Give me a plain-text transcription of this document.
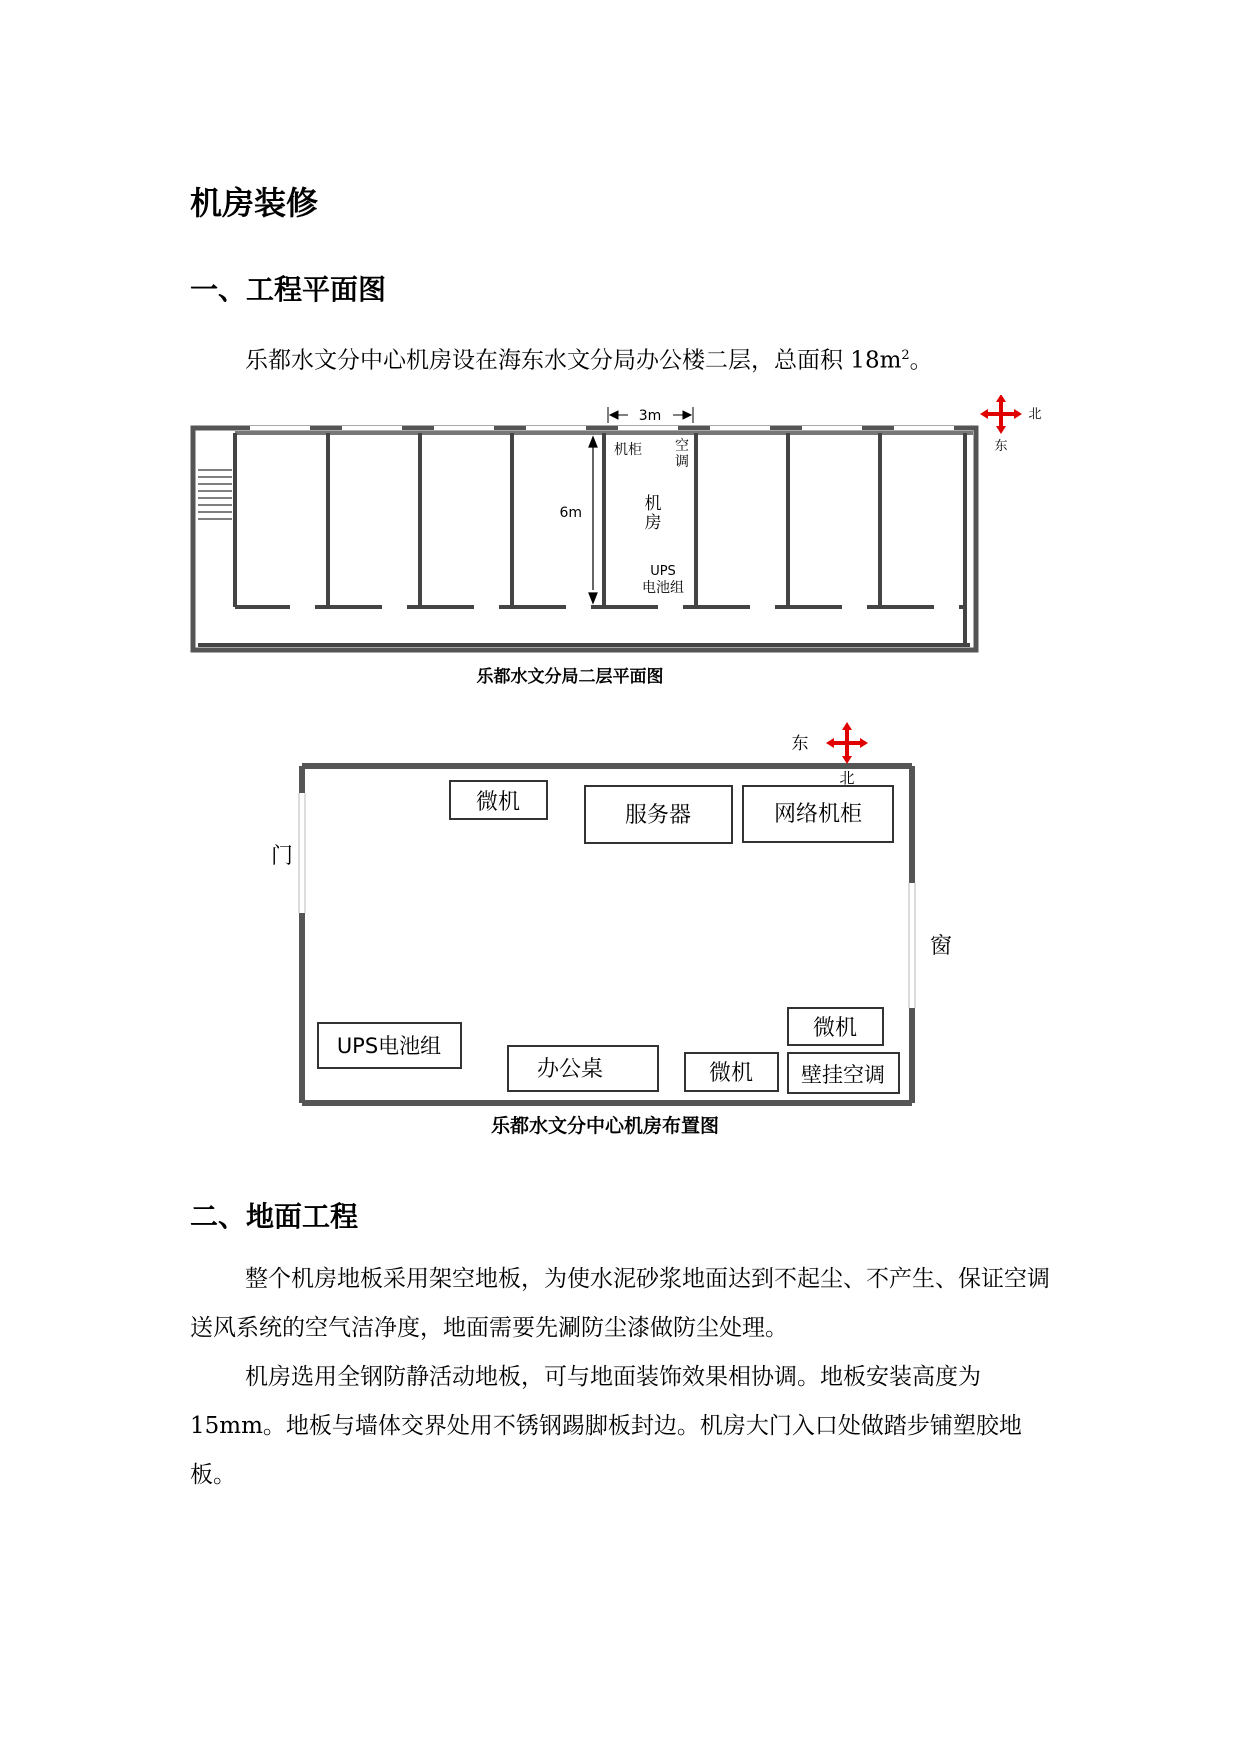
机房装修
一、工程平面图

乐都水文分中心机房设在海东水文分局办公楼二层，总面积 $18m^2$。

3m
6m
机柜 空
调
机
房
UPS
电池组
乐都水文分局二层平面图
北
东
微机
服务器	网络机柜
微机
微机 壁挂空调
UPS电池组
办公桌
门
窗
乐都水文分中心机房布置图
东
北
二、地面工程

整个机房地板采用架空地板，为使水泥砂浆地面达到不起尘、不产生、保证空调送风系统的空气洁净度，地面需要先涮防尘漆做防尘处理。

机房选用全钢防静活动地板，可与地面装饰效果相协调。地板安装高度为15mm。地板与墙体交界处用不锈钢踢脚板封边。机房大门入口处做踏步铺塑胶地板。
